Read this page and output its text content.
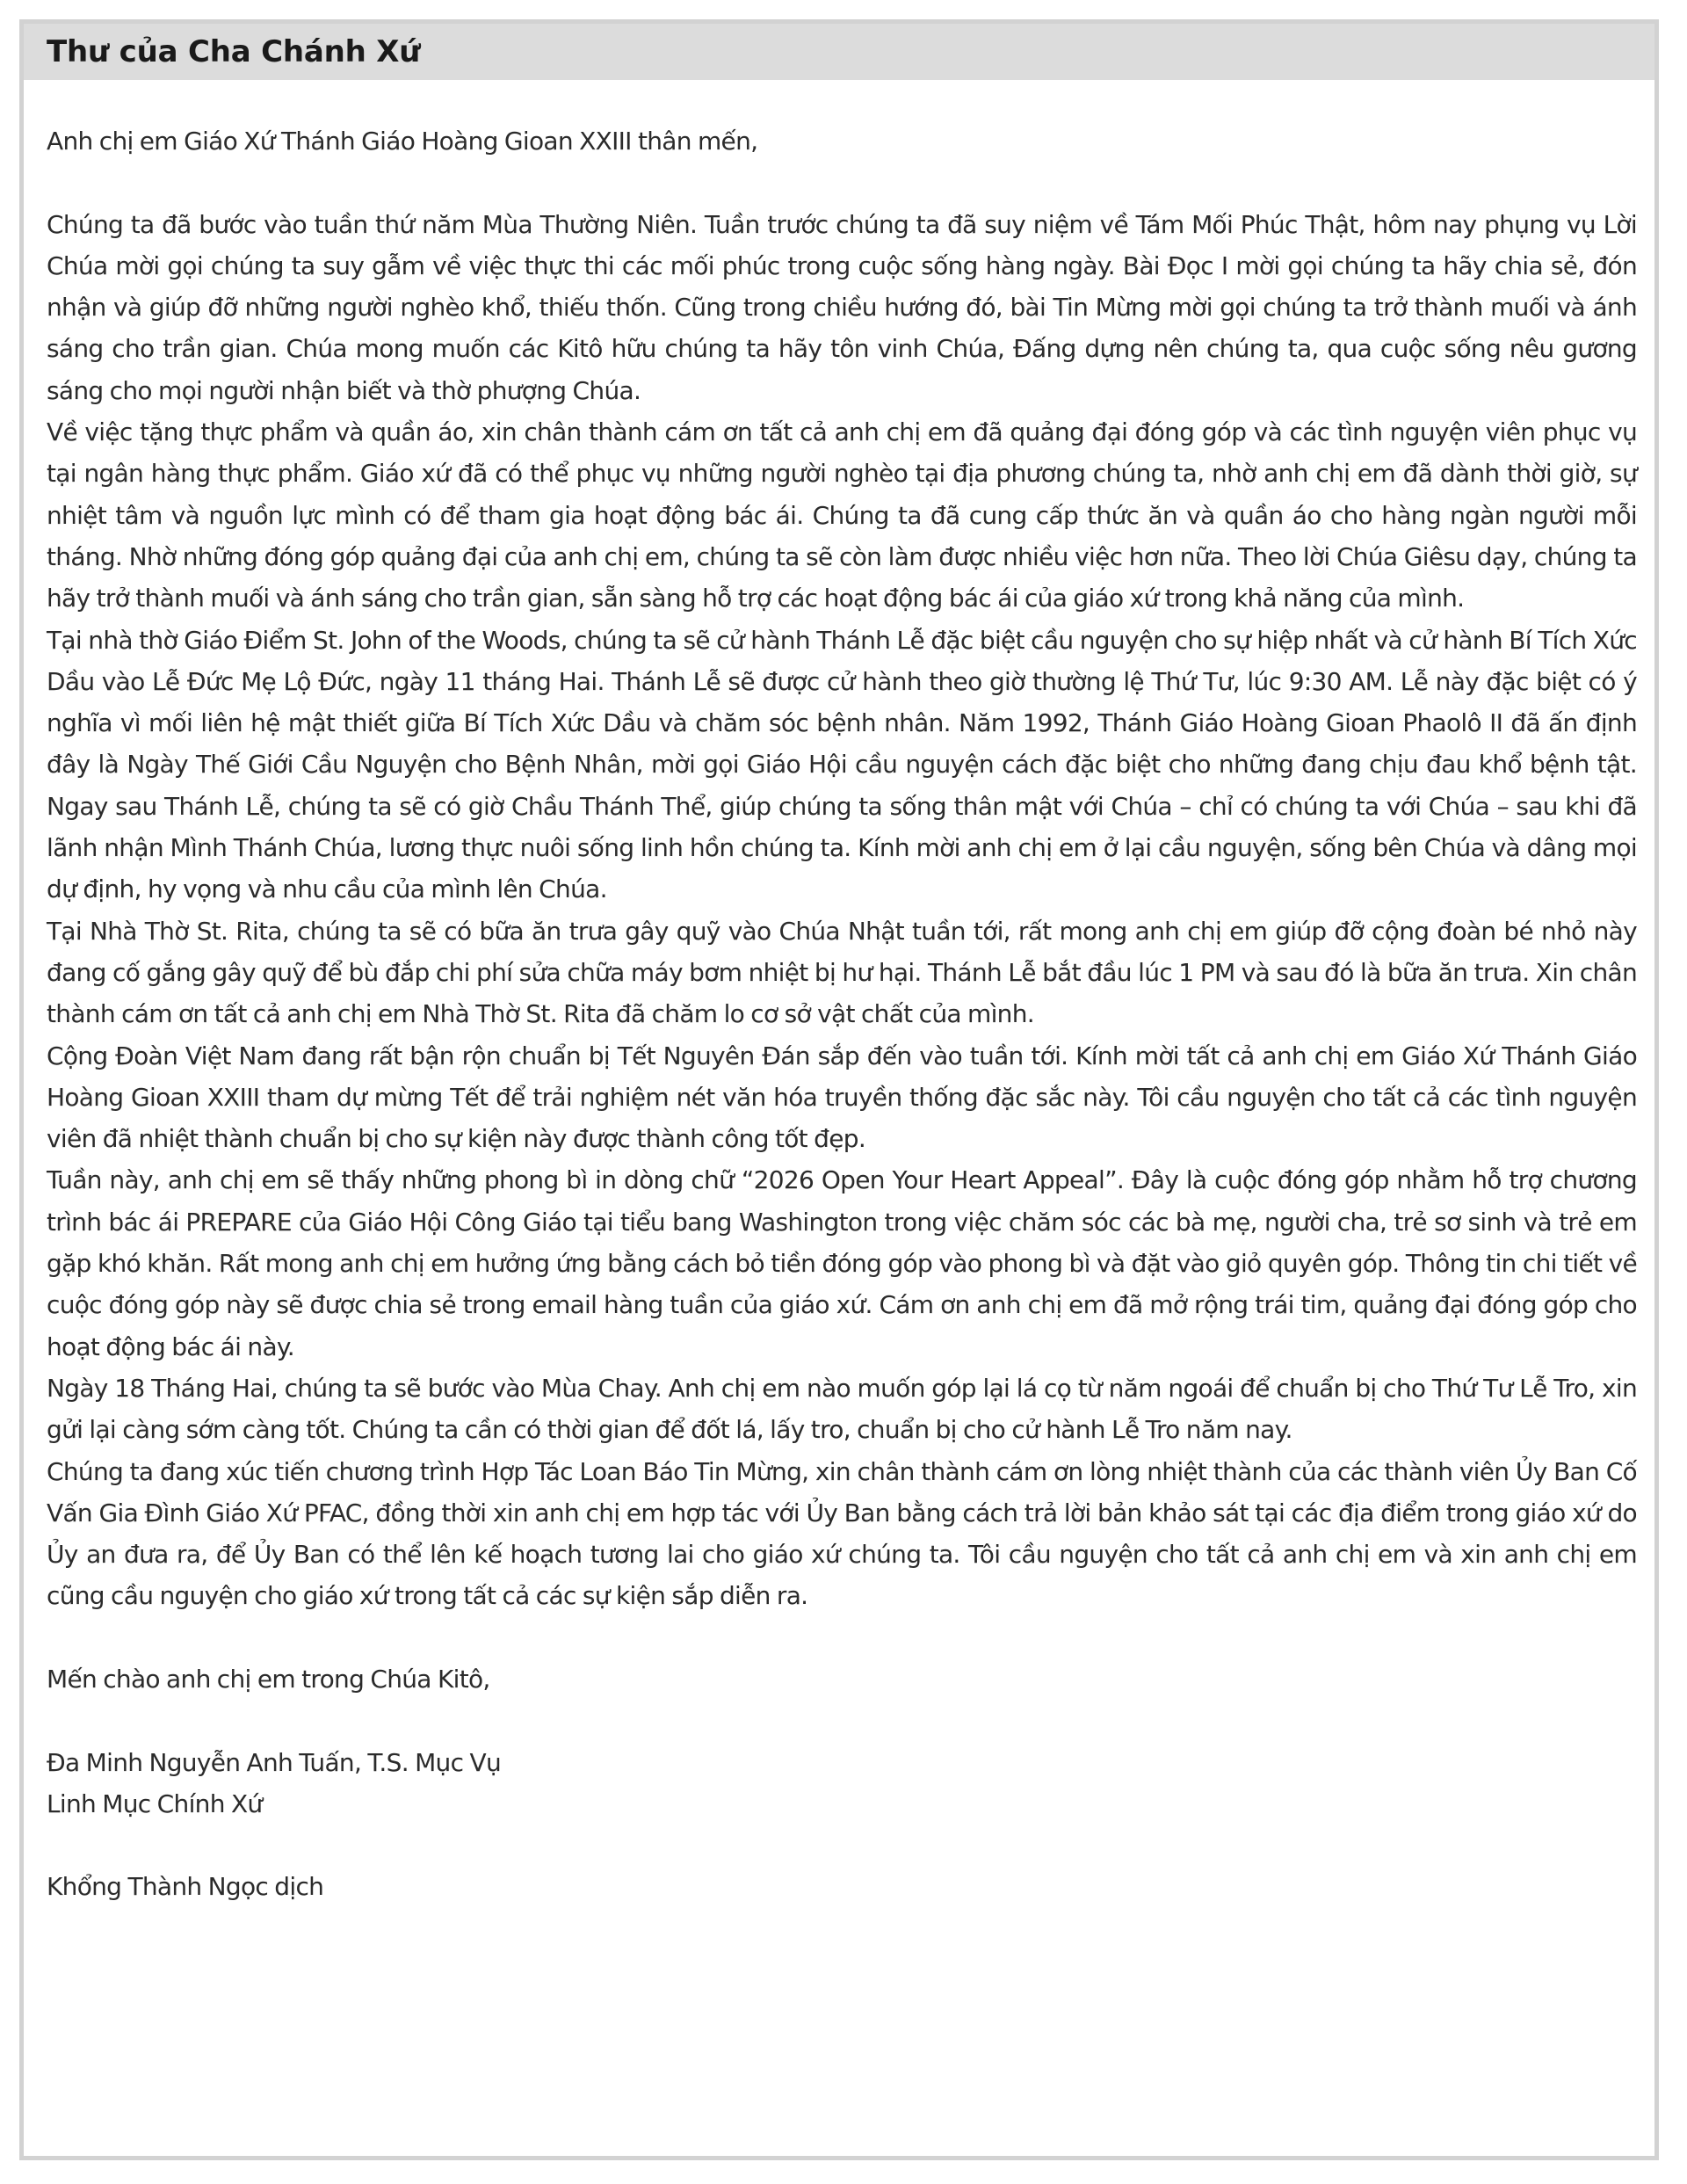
Thư của Cha Chánh Xứ

Anh chị em Giáo Xứ Thánh Giáo Hoàng Gioan XXIII thân mến,

Chúng ta đã bước vào tuần thứ năm Mùa Thường Niên. Tuần trước chúng ta đã suy niệm về Tám Mối Phúc Thật, hôm nay phụng vụ Lời Chúa mời gọi chúng ta suy gẫm về việc thực thi các mối phúc trong cuộc sống hàng ngày. Bài Đọc I mời gọi chúng ta hãy chia sẻ, đón nhận và giúp đỡ những người nghèo khổ, thiếu thốn. Cũng trong chiều hướng đó, bài Tin Mừng mời gọi chúng ta trở thành muối và ánh sáng cho trần gian. Chúa mong muốn các Kitô hữu chúng ta hãy tôn vinh Chúa, Đấng dựng nên chúng ta, qua cuộc sống nêu gương sáng cho mọi người nhận biết và thờ phượng Chúa.

Về việc tặng thực phẩm và quần áo, xin chân thành cám ơn tất cả anh chị em đã quảng đại đóng góp và các tình nguyện viên phục vụ tại ngân hàng thực phẩm. Giáo xứ đã có thể phục vụ những người nghèo tại địa phương chúng ta, nhờ anh chị em đã dành thời giờ, sự nhiệt tâm và nguồn lực mình có để tham gia hoạt động bác ái. Chúng ta đã cung cấp thức ăn và quần áo cho hàng ngàn người mỗi tháng. Nhờ những đóng góp quảng đại của anh chị em, chúng ta sẽ còn làm được nhiều việc hơn nữa. Theo lời Chúa Giêsu dạy, chúng ta hãy trở thành muối và ánh sáng cho trần gian, sẵn sàng hỗ trợ các hoạt động bác ái của giáo xứ trong khả năng của mình.

Tại nhà thờ Giáo Điểm St. John of the Woods, chúng ta sẽ cử hành Thánh Lễ đặc biệt cầu nguyện cho sự hiệp nhất và cử hành Bí Tích Xức Dầu vào Lễ Đức Mẹ Lộ Đức, ngày 11 tháng Hai. Thánh Lễ sẽ được cử hành theo giờ thường lệ Thứ Tư, lúc 9:30 AM. Lễ này đặc biệt có ý nghĩa vì mối liên hệ mật thiết giữa Bí Tích Xức Dầu và chăm sóc bệnh nhân. Năm 1992, Thánh Giáo Hoàng Gioan Phaolô II đã ấn định đây là Ngày Thế Giới Cầu Nguyện cho Bệnh Nhân, mời gọi Giáo Hội cầu nguyện cách đặc biệt cho những đang chịu đau khổ bệnh tật. Ngay sau Thánh Lễ, chúng ta sẽ có giờ Chầu Thánh Thể, giúp chúng ta sống thân mật với Chúa – chỉ có chúng ta với Chúa – sau khi đã lãnh nhận Mình Thánh Chúa, lương thực nuôi sống linh hồn chúng ta. Kính mời anh chị em ở lại cầu nguyện, sống bên Chúa và dâng mọi dự định, hy vọng và nhu cầu của mình lên Chúa.

Tại Nhà Thờ St. Rita, chúng ta sẽ có bữa ăn trưa gây quỹ vào Chúa Nhật tuần tới, rất mong anh chị em giúp đỡ cộng đoàn bé nhỏ này đang cố gắng gây quỹ để bù đắp chi phí sửa chữa máy bơm nhiệt bị hư hại. Thánh Lễ bắt đầu lúc 1 PM và sau đó là bữa ăn trưa. Xin chân thành cám ơn tất cả anh chị em Nhà Thờ St. Rita đã chăm lo cơ sở vật chất của mình.

Cộng Đoàn Việt Nam đang rất bận rộn chuẩn bị Tết Nguyên Đán sắp đến vào tuần tới. Kính mời tất cả anh chị em Giáo Xứ Thánh Giáo Hoàng Gioan XXIII tham dự mừng Tết để trải nghiệm nét văn hóa truyền thống đặc sắc này. Tôi cầu nguyện cho tất cả các tình nguyện viên đã nhiệt thành chuẩn bị cho sự kiện này được thành công tốt đẹp.

Tuần này, anh chị em sẽ thấy những phong bì in dòng chữ “2026 Open Your Heart Appeal”. Đây là cuộc đóng góp nhằm hỗ trợ chương trình bác ái PREPARE của Giáo Hội Công Giáo tại tiểu bang Washington trong việc chăm sóc các bà mẹ, người cha, trẻ sơ sinh và trẻ em gặp khó khăn. Rất mong anh chị em hưởng ứng bằng cách bỏ tiền đóng góp vào phong bì và đặt vào giỏ quyên góp. Thông tin chi tiết về cuộc đóng góp này sẽ được chia sẻ trong email hàng tuần của giáo xứ. Cám ơn anh chị em đã mở rộng trái tim, quảng đại đóng góp cho hoạt động bác ái này.

Ngày 18 Tháng Hai, chúng ta sẽ bước vào Mùa Chay. Anh chị em nào muốn góp lại lá cọ từ năm ngoái để chuẩn bị cho Thứ Tư Lễ Tro, xin gửi lại càng sớm càng tốt. Chúng ta cần có thời gian để đốt lá, lấy tro, chuẩn bị cho cử hành Lễ Tro năm nay.

Chúng ta đang xúc tiến chương trình Hợp Tác Loan Báo Tin Mừng, xin chân thành cám ơn lòng nhiệt thành của các thành viên Ủy Ban Cố Vấn Gia Đình Giáo Xứ PFAC, đồng thời xin anh chị em hợp tác với Ủy Ban bằng cách trả lời bản khảo sát tại các địa điểm trong giáo xứ do Ủy an đưa ra, để Ủy Ban có thể lên kế hoạch tương lai cho giáo xứ chúng ta. Tôi cầu nguyện cho tất cả anh chị em và xin anh chị em cũng cầu nguyện cho giáo xứ trong tất cả các sự kiện sắp diễn ra.

Mến chào anh chị em trong Chúa Kitô,

Đa Minh Nguyễn Anh Tuấn, T.S. Mục Vụ

Linh Mục Chính Xứ

Khổng Thành Ngọc dịch
